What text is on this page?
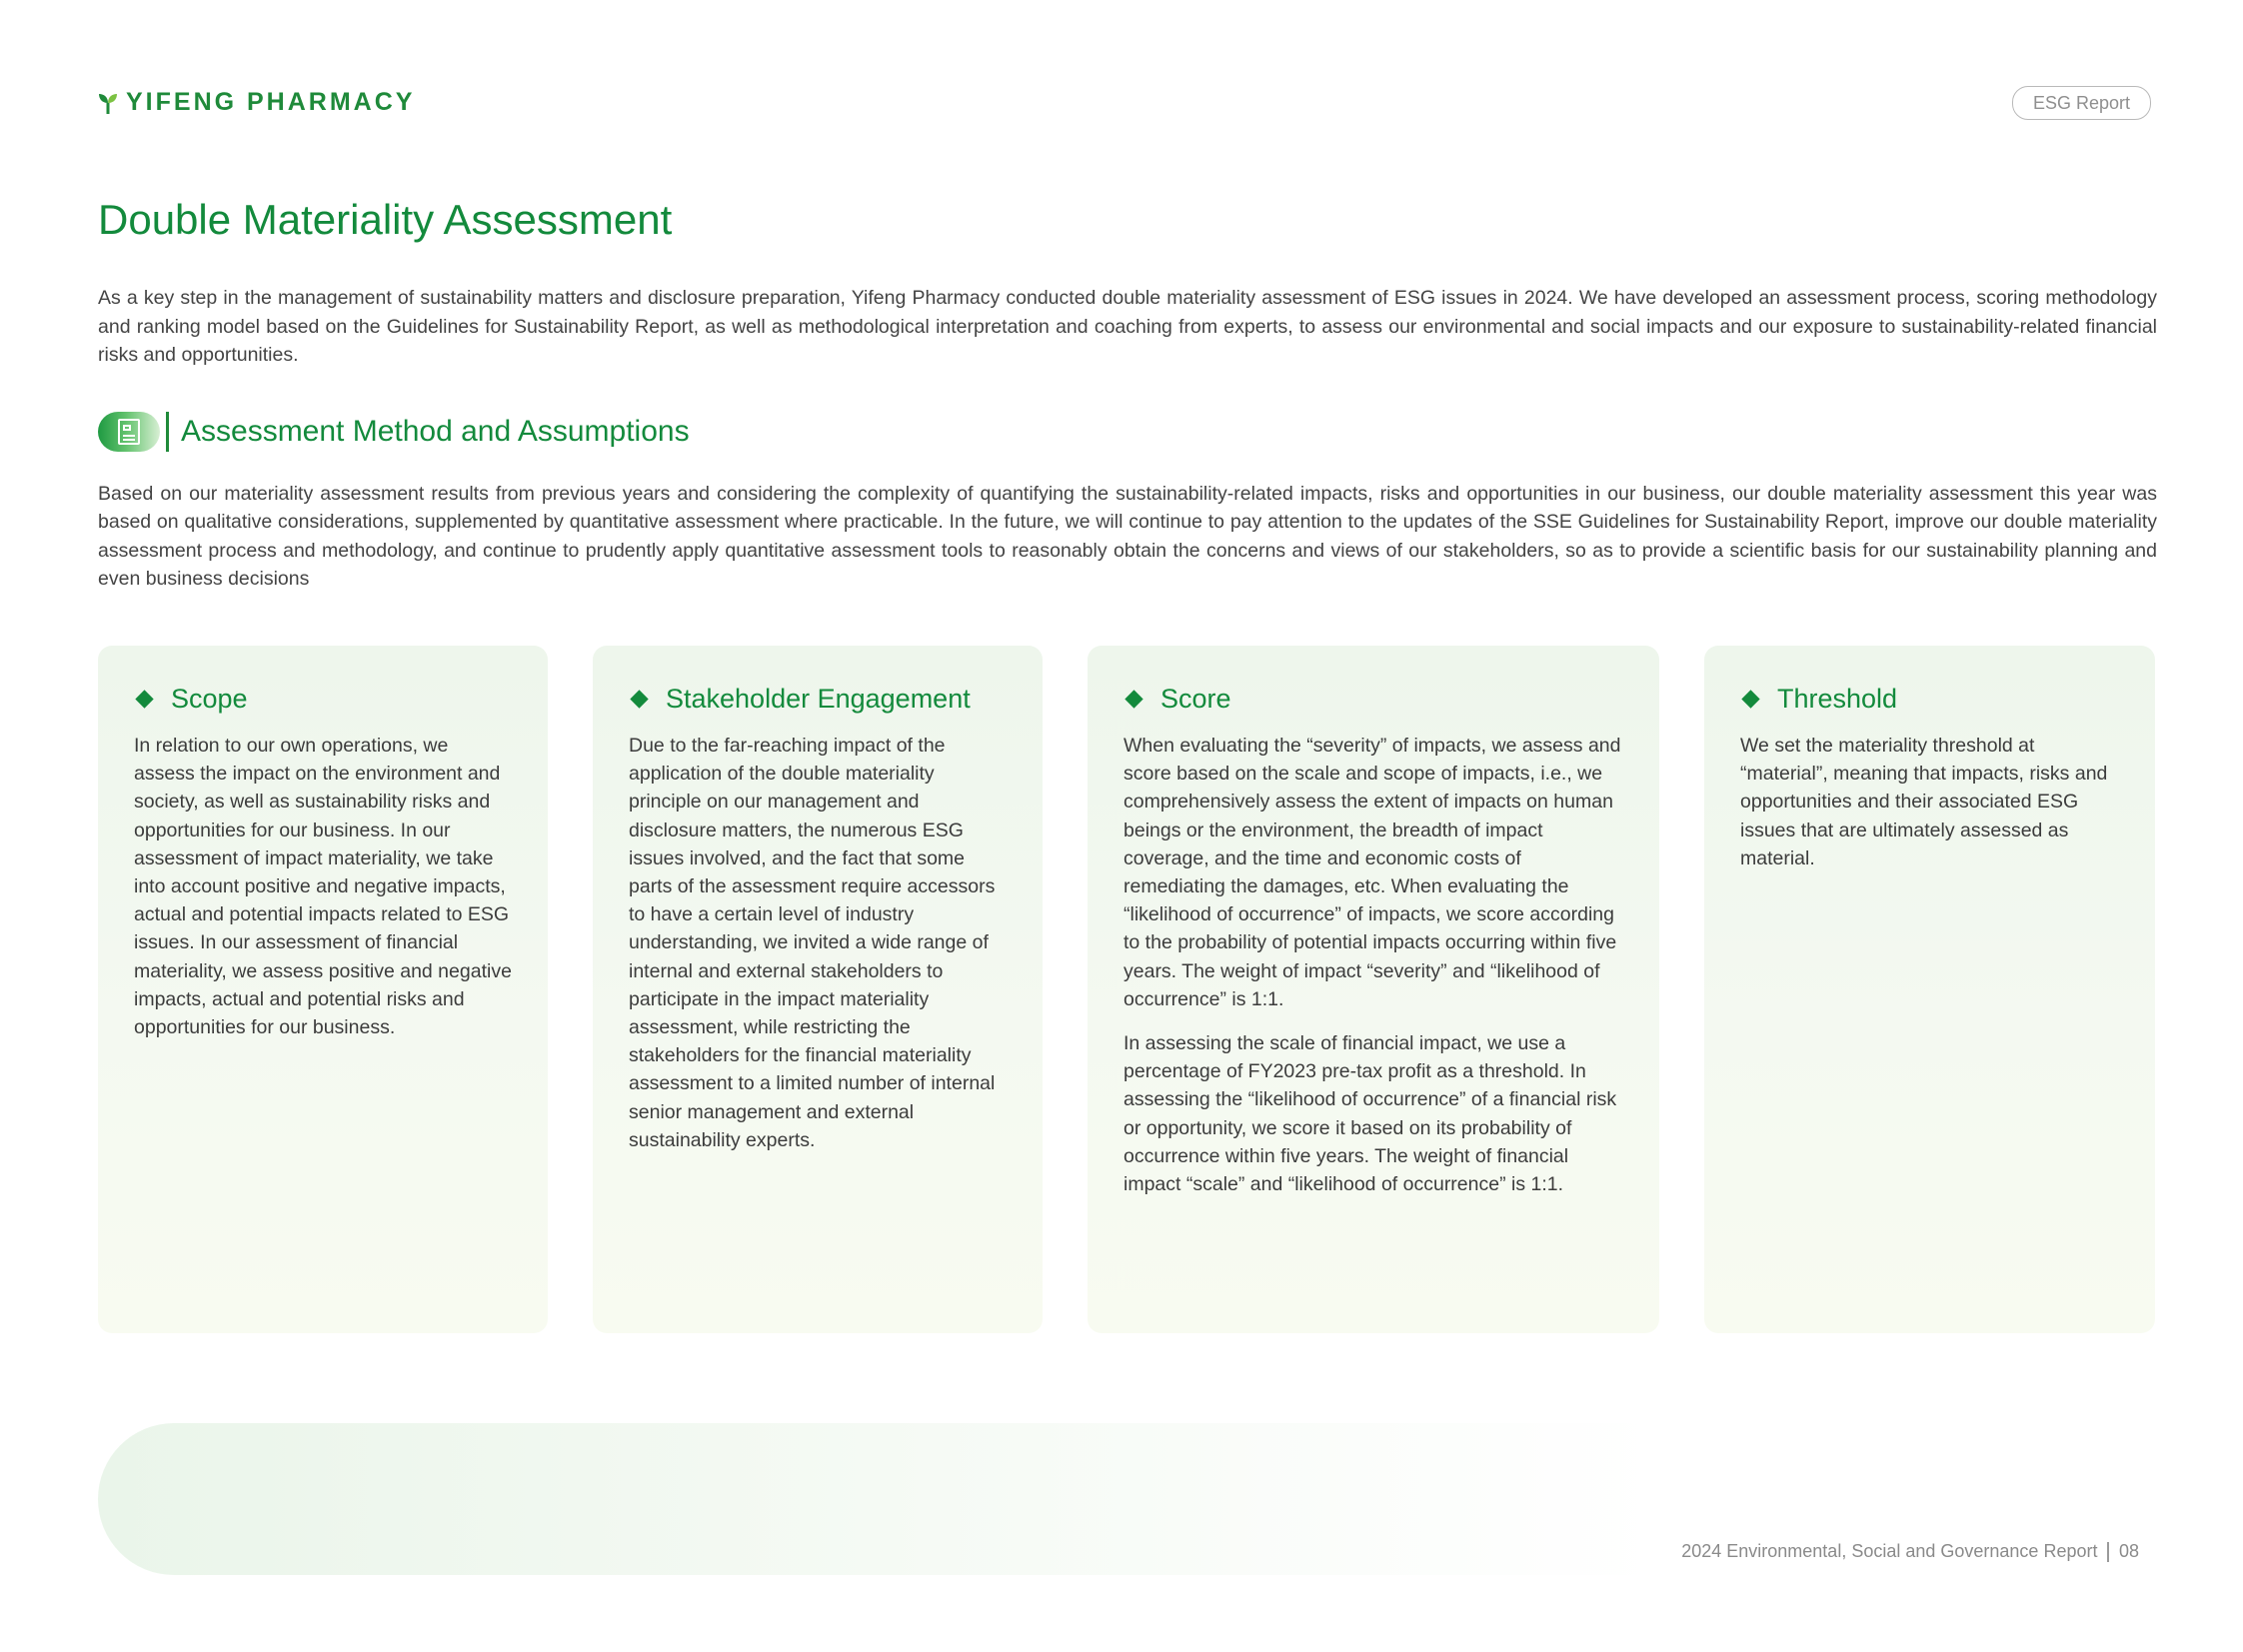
YIFENG PHARMACY	ESG Report
Double Materiality Assessment

As a key step in the management of sustainability matters and disclosure preparation, Yifeng Pharmacy conducted double materiality assessment of ESG issues in 2024. We have developed an assessment process, scoring methodology and ranking model based on the Guidelines for Sustainability Report, as well as methodological interpretation and coaching from experts, to assess our environmental and social impacts and our exposure to sustainability-related financial risks and opportunities.

Assessment Method and Assumptions

Based on our materiality assessment results from previous years and considering the complexity of quantifying the sustainability-related impacts, risks and opportunities in our business, our double materiality assessment this year was based on qualitative considerations, supplemented by quantitative assessment where practicable. In the future, we will continue to pay attention to the updates of the SSE Guidelines for Sustainability Report, improve our double materiality assessment process and methodology, and continue to prudently apply quantitative assessment tools to reasonably obtain the concerns and views of our stakeholders, so as to provide a scientific basis for our sustainability planning and even business decisions

Scope

In relation to our own operations, we assess the impact on the environment and society, as well as sustainability risks and opportunities for our business. In our assessment of impact materiality, we take into account positive and negative impacts, actual and potential impacts related to ESG issues. In our assessment of financial materiality, we assess positive and negative impacts, actual and potential risks and opportunities for our business.

Stakeholder Engagement

Due to the far-reaching impact of the application of the double materiality principle on our management and disclosure matters, the numerous ESG issues involved, and the fact that some parts of the assessment require accessors to have a certain level of industry understanding, we invited a wide range of internal and external stakeholders to participate in the impact materiality assessment, while restricting the stakeholders for the financial materiality assessment to a limited number of internal senior management and external sustainability experts.

Score

When evaluating the “severity” of impacts, we assess and score based on the scale and scope of impacts, i.e., we comprehensively assess the extent of impacts on human beings or the environment, the breadth of impact coverage, and the time and economic costs of remediating the damages, etc. When evaluating the “likelihood of occurrence” of impacts, we score according to the probability of potential impacts occurring within five years. The weight of impact “severity” and “likelihood of occurrence” is 1:1.

In assessing the scale of financial impact, we use a percentage of FY2023 pre-tax profit as a threshold. In assessing the “likelihood of occurrence” of a financial risk or opportunity, we score it based on its probability of occurrence within five years. The weight of financial impact “scale” and “likelihood of occurrence” is 1:1.

Threshold

We set the materiality threshold at “material”, meaning that impacts, risks and opportunities and their associated ESG issues that are ultimately assessed as material.

2024 Environmental, Social and Governance Report 08
